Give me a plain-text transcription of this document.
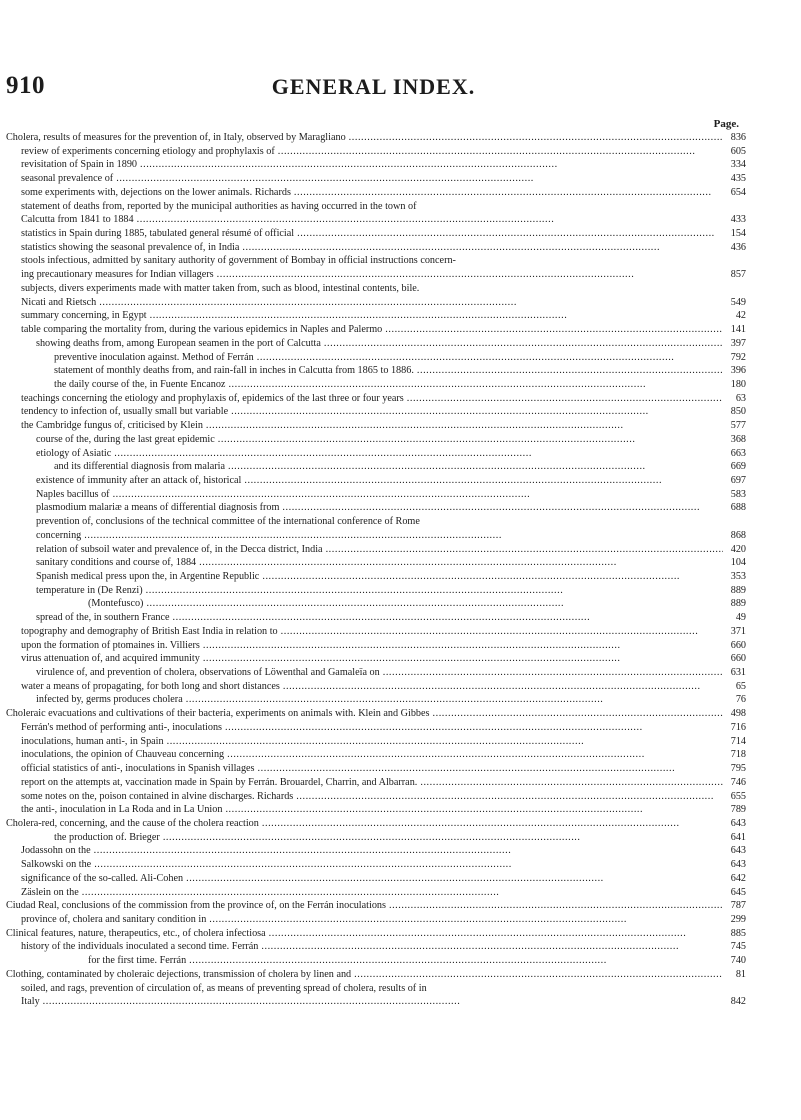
910	GENERAL INDEX.
Page.
Cholera, results of measures for the prevention of, in Italy, observed by Maragliano . . .	836
review of experiments concerning etiology and prophylaxis of . . .	605
revisitation of Spain in 1890 . . .	334
seasonal prevalence of . . .	435
some experiments with, dejections on the lower animals. Richards . . .	654
statement of deaths from, reported by the municipal authorities as having occurred in the town of
Calcutta from 1841 to 1884 . . .	433
statistics in Spain during 1885, tabulated general résumé of official . . .	154
statistics showing the seasonal prevalence of, in India . . .	436
stools infectious, admitted by sanitary authority of government of Bombay in official instructions concern-
ing precautionary measures for Indian villagers . . .	857
subjects, divers experiments made with matter taken from, such as blood, intestinal contents, bile.
Nicati and Rietsch . . .	549
summary concerning, in Egypt . . .	42
table comparing the mortality from, during the various epidemics in Naples and Palermo . . .	141
showing deaths from, among European seamen in the port of Calcutta . . .	397
preventive inoculation against. Method of Ferrán . . .	792
statement of monthly deaths from, and rain-fall in inches in Calcutta from 1865 to 1886. . . .	396
the daily course of the, in Fuente Encanoz . . .	180
teachings concerning the etiology and prophylaxis of, epidemics of the last three or four years . . .	63
tendency to infection of, usually small but variable . . .	850
the Cambridge fungus of, criticised by Klein . . .	577
course of the, during the last great epidemic . . .	368
etiology of Asiatic . . .	663
and its differential diagnosis from malaria . . .	669
existence of immunity after an attack of, historical . . .	697
Naples bacillus of . . .	583
plasmodium malariæ a means of differential diagnosis from . . .	688
prevention of, conclusions of the technical committee of the international conference of Rome
concerning . . .	868
relation of subsoil water and prevalence of, in the Decca district, India . . .	420
sanitary conditions and course of, 1884 . . .	104
Spanish medical press upon the, in Argentine Republic . . .	353
temperature in (De Renzi) . . .	889
(Montefusco) . . .	889
spread of the, in southern France . . .	49
topography and demography of British East India in relation to . . .	371
upon the formation of ptomaines in. Villiers . . .	660
virus attenuation of, and acquired immunity . . .	660
virulence of, and prevention of cholera, observations of Löwenthal and Gamaleïa on . . .	631
water a means of propagating, for both long and short distances . . .	65
infected by, germs produces cholera . . .	76
Choleraic evacuations and cultivations of their bacteria, experiments on animals with. Klein and Gibbes . . .	498
Ferrán's method of performing anti-, inoculations . . .	716
inoculations, human anti-, in Spain . . .	714
inoculations, the opinion of Chauveau concerning . . .	718
official statistics of anti-, inoculations in Spanish villages . . .	795
report on the attempts at, vaccination made in Spain by Ferrán. Brouardel, Charrin, and Albarran. . . .	746
some notes on the, poison contained in alvine discharges. Richards . . .	655
the anti-, inoculation in La Roda and in La Union . . .	789
Cholera-red, concerning, and the cause of the cholera reaction . . .	643
the production of. Brieger . . .	641
Jodassohn on the . . .	643
Salkowski on the . . .	643
significance of the so-called. Ali-Cohen . . .	642
Zäslein on the . . .	645
Ciudad Real, conclusions of the commission from the province of, on the Ferrán inoculations . . .	787
province of, cholera and sanitary condition in . . .	299
Clinical features, nature, therapeutics, etc., of cholera infectiosa . . .	885
history of the individuals inoculated a second time. Ferrán . . .	745
for the first time. Ferrán . . .	740
Clothing, contaminated by choleraic dejections, transmission of cholera by linen and . . .	81
soiled, and rags, prevention of circulation of, as means of preventing spread of cholera, results of in
Italy . . .	842
